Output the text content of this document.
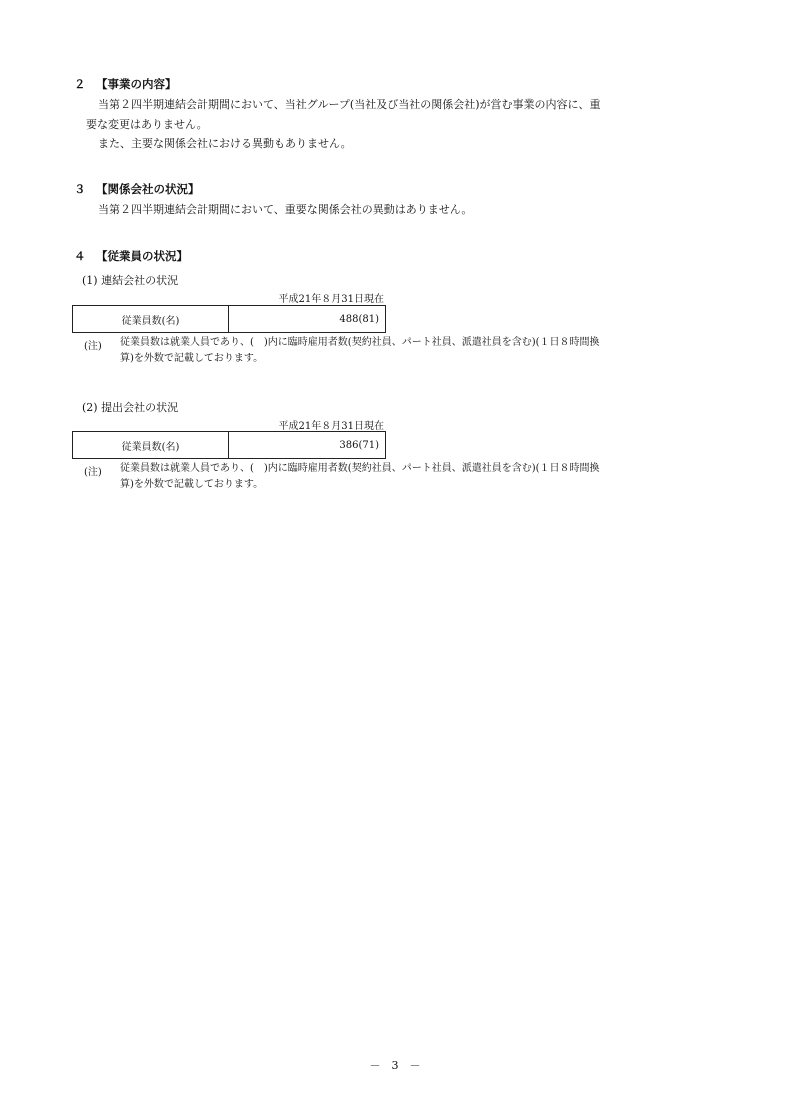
２ 【事業の内容】
当第２四半期連結会計期間において、当社グループ(当社及び当社の関係会社)が営む事業の内容に、重
要な変更はありません。
また、主要な関係会社における異動もありません。
３ 【関係会社の状況】
当第２四半期連結会計期間において、重要な関係会社の異動はありません。
４ 【従業員の状況】
(1) 連結会社の状況
平成21年８月31日現在
従業員数(名)	488(81)
(注) 従業員数は就業人員であり、(　)内に臨時雇用者数(契約社員、パート社員、派遣社員を含む)(１日８時間換
算)を外数で記載しております。
(2) 提出会社の状況
平成21年８月31日現在
従業員数(名)	386(71)
(注) 従業員数は就業人員であり、(　)内に臨時雇用者数(契約社員、パート社員、派遣社員を含む)(１日８時間換
算)を外数で記載しております。
－　3　－
